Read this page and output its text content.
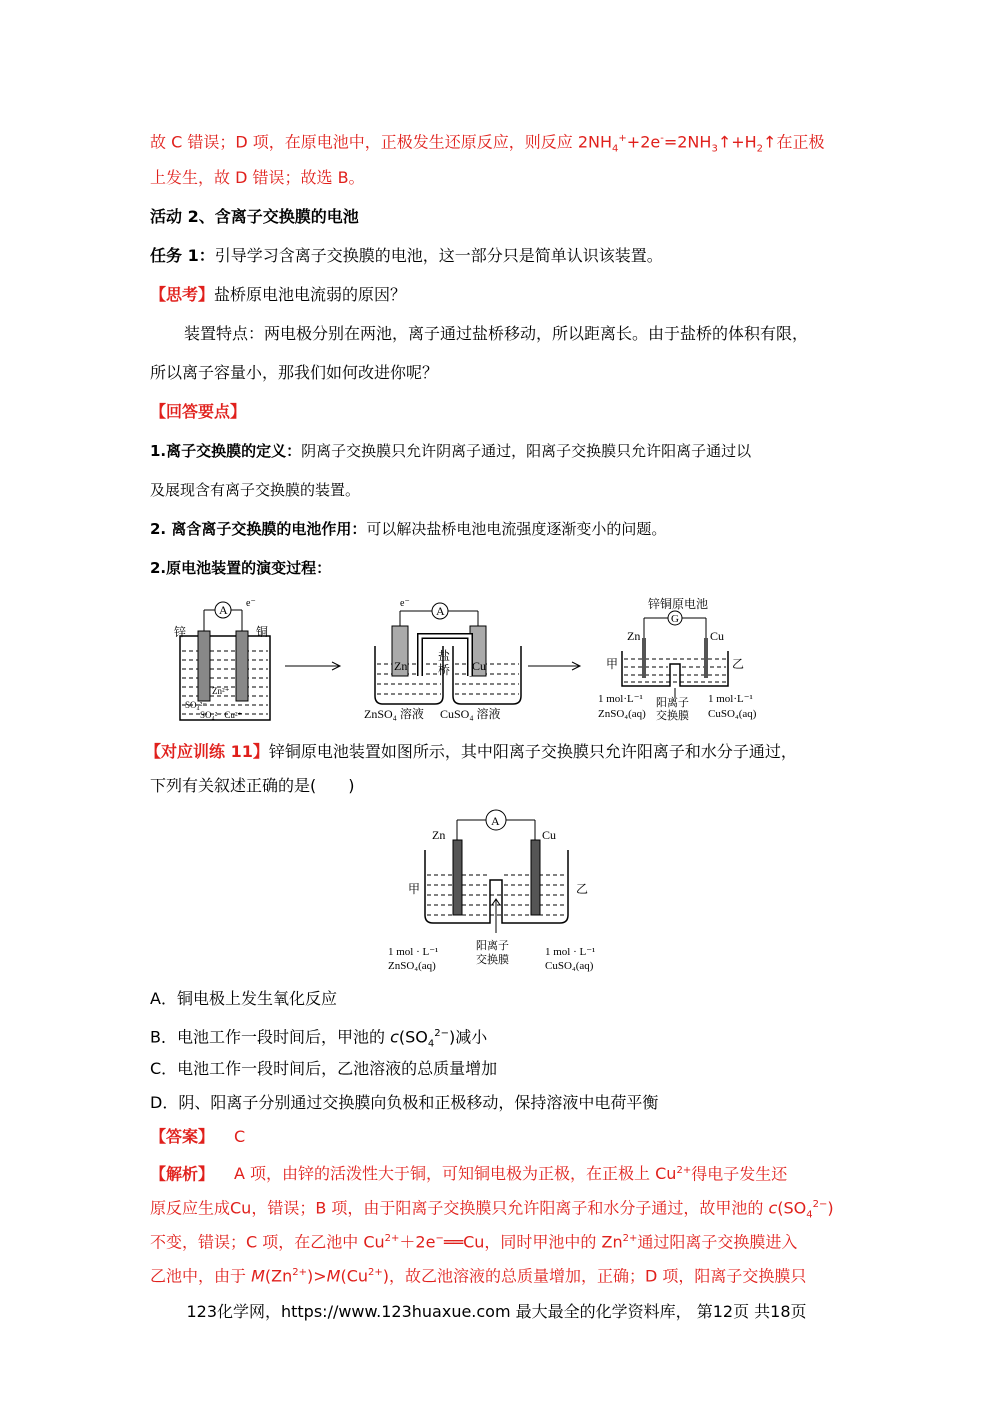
故 C 错误；D 项，在原电池中，正极发生还原反应，则反应 $2NH_4^++2e^-=2NH_3↑+H_2↑$在正极
上发生，故 D 错误；故选 B。
活动 2、含离子交换膜的电池
任务 1：引导学习含离子交换膜的电池，这一部分只是简单认识该装置。
【思考】盐桥原电池电流弱的原因？
装置特点：两电极分别在两池，离子通过盐桥移动，所以距离长。由于盐桥的体积有限，
所以离子容量小，那我们如何改进你呢？
【回答要点】
1.离子交换膜的定义：阴离子交换膜只允许阴离子通过，阳离子交换膜只允许阳离子通过以
及展现含有离子交换膜的装置。
2. 离含离子交换膜的电池作用：可以解决盐桥电池电流强度逐渐变小的问题。
2.原电池装置的演变过程：
A e⁻
锌	铜
Zn²⁺
SO₄²⁻
SO₄²⁻ Cu²⁺
A
e⁻
Zn	Cu
盐
桥
ZnSO₄ 溶液 CuSO₄ 溶液
锌铜原电池
G
Zn	Cu
甲	乙
1 mol·L⁻¹
ZnSO₄(aq)
阳离子
交换膜
1 mol·L⁻¹
CuSO₄(aq)
【对应训练 11】锌铜原电池装置如图所示，其中阳离子交换膜只允许阳离子和水分子通过，
下列有关叙述正确的是(　　)
A
Zn	Cu
甲	乙
1 mol · L⁻¹
ZnSO₄(aq)
阳离子
交换膜
1 mol · L⁻¹
CuSO₄(aq)
A．铜电极上发生氧化反应
B．电池工作一段时间后，甲池的 $c(SO_4^{2-})$减小
C．电池工作一段时间后，乙池溶液的总质量增加
D．阴、阳离子分别通过交换膜向负极和正极移动，保持溶液中电荷平衡
【答案】 C
【解析】 A 项，由锌的活泼性大于铜，可知铜电极为正极，在正极上 $Cu^{2+}$得电子发生还
原反应生成Cu，错误；B 项，由于阳离子交换膜只允许阳离子和水分子通过，故甲池的 $c(SO_4^{2-})$
不变，错误；C 项，在乙池中 $Cu^{2+}+2e^-══Cu$，同时甲池中的 $Zn^{2+}$通过阳离子交换膜进入
乙池中，由于 $M(Zn^{2+})>M(Cu^{2+})$，故乙池溶液的总质量增加，正确；D 项，阳离子交换膜只
123化学网，https://www.123huaxue.com 最大最全的化学资料库， 第12页 共18页
